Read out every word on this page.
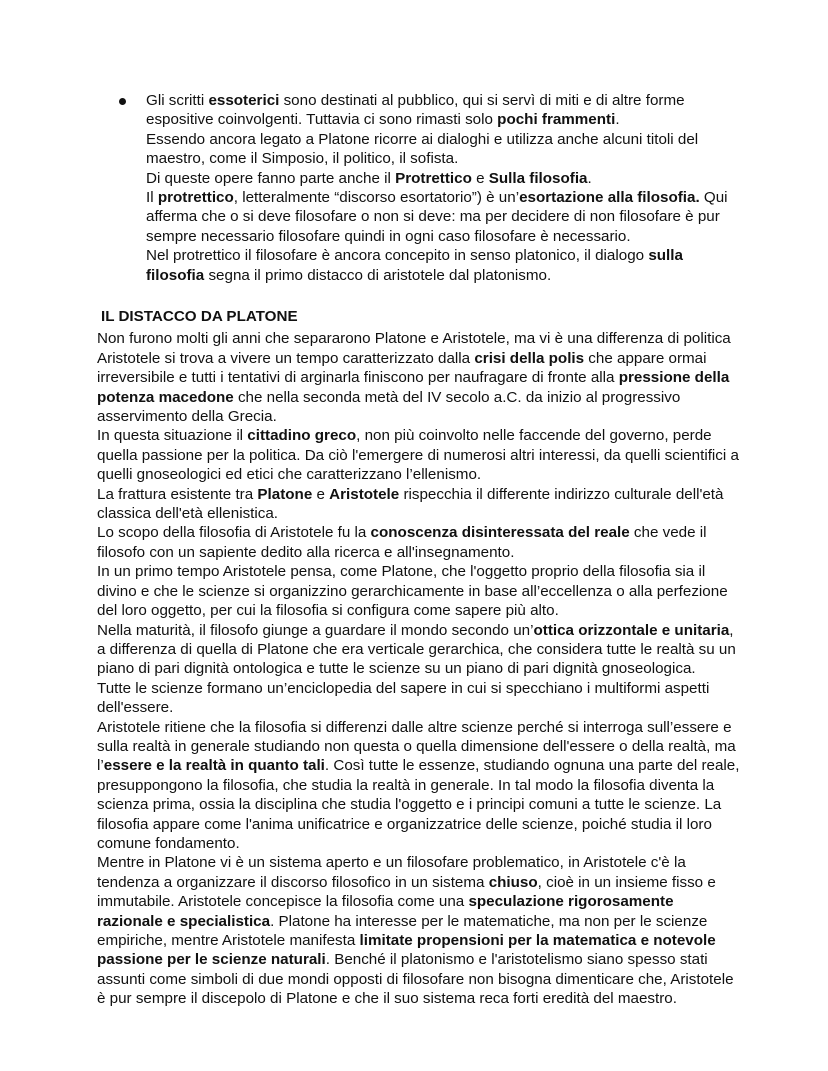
Gli scritti essoterici sono destinati al pubblico, qui si servì di miti e di altre forme
espositive coinvolgenti. Tuttavia ci sono rimasti solo pochi frammenti.
Essendo ancora legato a Platone ricorre ai dialoghi e utilizza anche alcuni titoli del
maestro, come il Simposio, il politico, il sofista.
Di queste opere fanno parte anche il Protrettico e Sulla filosofia.
Il protrettico, letteralmente “discorso esortatorio”) è un’esortazione alla filosofia. Qui
afferma che o si deve filosofare o non si deve: ma per decidere di non filosofare è pur
sempre necessario filosofare quindi in ogni caso filosofare è necessario.
Nel protrettico il filosofare è ancora concepito in senso platonico, il dialogo sulla
filosofia segna il primo distacco di aristotele dal platonismo.
IL DISTACCO DA PLATONE
Non furono molti gli anni che separarono Platone e Aristotele, ma vi è una differenza di politica
Aristotele si trova a vivere un tempo caratterizzato dalla crisi della polis che appare ormai
irreversibile e tutti i tentativi di arginarla finiscono per naufragare di fronte alla pressione della
potenza macedone che nella seconda metà del IV secolo a.C. da inizio al progressivo
asservimento della Grecia.
In questa situazione il cittadino greco, non più coinvolto nelle faccende del governo, perde
quella passione per la politica. Da ciò l'emergere di numerosi altri interessi, da quelli scientifici a
quelli gnoseologici ed etici che caratterizzano l’ellenismo.
La frattura esistente tra Platone e Aristotele rispecchia il differente indirizzo culturale dell'età
classica dell'età ellenistica.
Lo scopo della filosofia di Aristotele fu la conoscenza disinteressata del reale che vede il
filosofo con un sapiente dedito alla ricerca e all'insegnamento.
In un primo tempo Aristotele pensa, come Platone, che l'oggetto proprio della filosofia sia il
divino e che le scienze si organizzino gerarchicamente in base all’eccellenza o alla perfezione
del loro oggetto, per cui la filosofia si configura come sapere più alto.
Nella maturità, il filosofo giunge a guardare il mondo secondo un’ottica orizzontale e unitaria,
a differenza di quella di Platone che era verticale gerarchica, che considera tutte le realtà su un
piano di pari dignità ontologica e tutte le scienze su un piano di pari dignità gnoseologica.
Tutte le scienze formano un’enciclopedia del sapere in cui si specchiano i multiformi aspetti
dell'essere.
Aristotele ritiene che la filosofia si differenzi dalle altre scienze perché si interroga sull’essere e
sulla realtà in generale studiando non questa o quella dimensione dell'essere o della realtà, ma
l’essere e la realtà in quanto tali. Così tutte le essenze, studiando ognuna una parte del reale,
presuppongono la filosofia, che studia la realtà in generale. In tal modo la filosofia diventa la
scienza prima, ossia la disciplina che studia l'oggetto e i principi comuni a tutte le scienze. La
filosofia appare come l'anima unificatrice e organizzatrice delle scienze, poiché studia il loro
comune fondamento.
Mentre in Platone vi è un sistema aperto e un filosofare problematico, in Aristotele c'è la
tendenza a organizzare il discorso filosofico in un sistema chiuso, cioè in un insieme fisso e
immutabile. Aristotele concepisce la filosofia come una speculazione rigorosamente
razionale e specialistica. Platone ha interesse per le matematiche, ma non per le scienze
empiriche, mentre Aristotele manifesta limitate propensioni per la matematica e notevole
passione per le scienze naturali. Benché il platonismo e l'aristotelismo siano spesso stati
assunti come simboli di due mondi opposti di filosofare non bisogna dimenticare che, Aristotele
è pur sempre il discepolo di Platone e che il suo sistema reca forti eredità del maestro.
